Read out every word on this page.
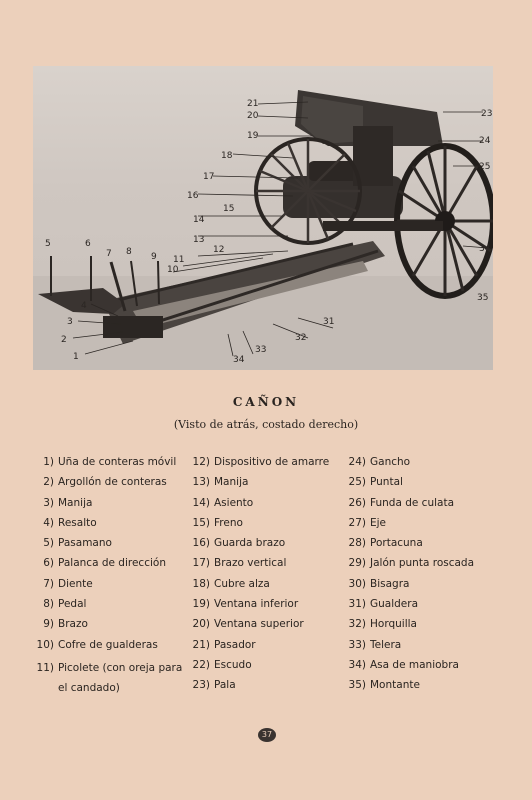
21
20
19
18
17
16
15
14
13
12
11
10
9
8
7
6
5
4
3
2
1
23
24
25
34
35
31
32
33
34
CAÑON
(Visto de atrás, costado derecho)
1) Uña de conteras móvil
2) Argollón de conteras
3) Manija
4) Resalto
5) Pasamano
6) Palanca de dirección
7) Diente
8) Pedal
9) Brazo
10) Cofre de gualderas
11) Picolete (con oreja para el candado)
12) Dispositivo de amarre
13) Manija
14) Asiento
15) Freno
16) Guarda brazo
17) Brazo vertical
18) Cubre alza
19) Ventana inferior
20) Ventana superior
21) Pasador
22) Escudo
23) Pala
24) Gancho
25) Puntal
26) Funda de culata
27) Eje
28) Portacuna
29) Jalón punta roscada
30) Bisagra
31) Gualdera
32) Horquilla
33) Telera
34) Asa de maniobra
35) Montante
37
